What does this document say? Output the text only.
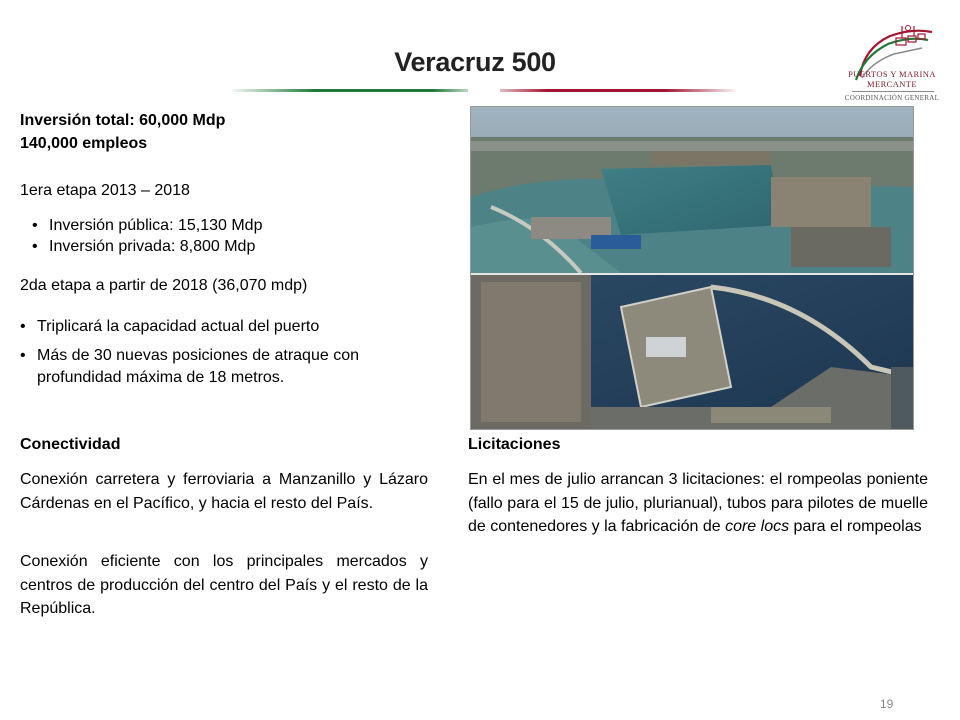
Veracruz 500	PUERTOS Y MARINA
MERCANTE
COORDINACIÓN GENERAL
Inversión total: 60,000 Mdp
140,000 empleos
1era etapa 2013 – 2018
• Inversión pública: 15,130 Mdp
• Inversión privada: 8,800 Mdp
2da etapa a partir de 2018 (36,070 mdp)
• Triplicará la capacidad actual del puerto
• Más de 30 nuevas posiciones de atraque con
profundidad máxima de 18 metros.
Conectividad
Conexión carretera y ferroviaria a Manzanillo y Lázaro Cárdenas en el Pacífico, y hacia el resto del País.
Conexión eficiente con los principales mercados y centros de producción del centro del País y el resto de la República.
Licitaciones
En el mes de julio arrancan 3 licitaciones: el rompeolas poniente (fallo para el 15 de julio, plurianual), tubos para pilotes de muelle de contenedores y la fabricación de core locs para el rompeolas
19
